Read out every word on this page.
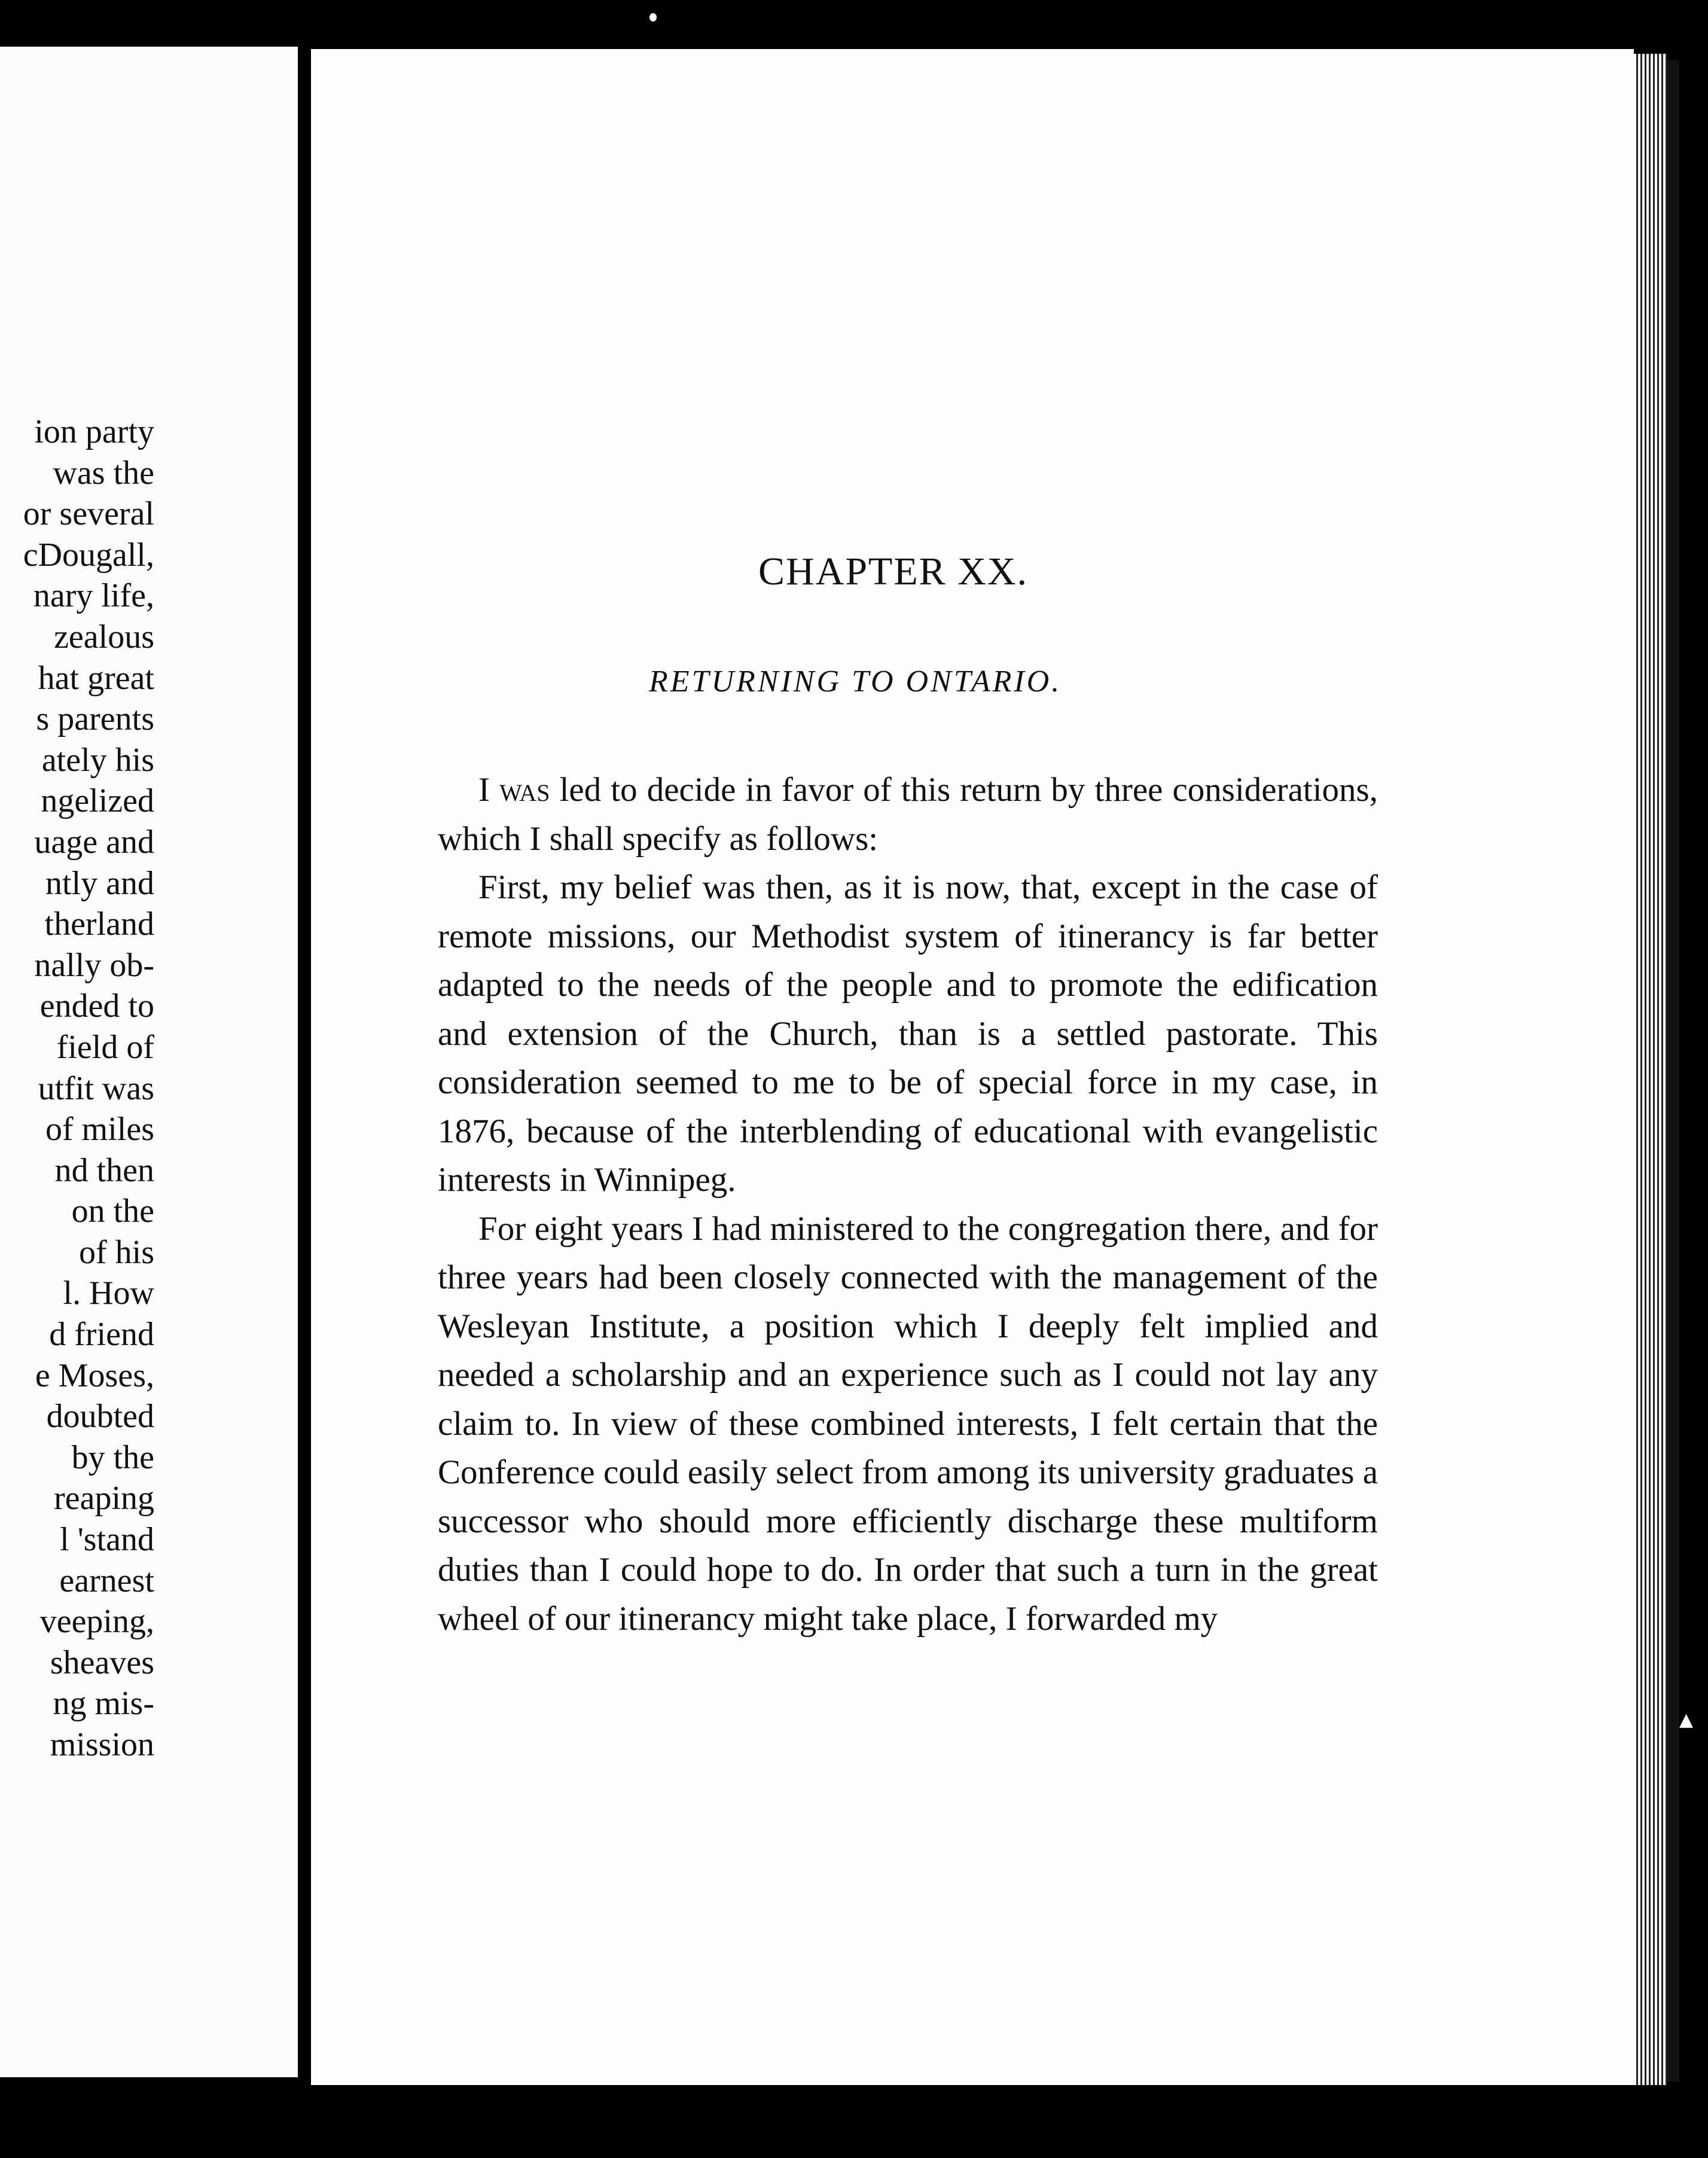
ion party
was the
or several
cDougall,
nary life,
zealous
hat great
s parents
ately his
ngelized
uage and
ntly and
therland
nally ob-
ended to
field of
utfit was
of miles
nd then
on the
of his
l. How
d friend
e Moses,
doubted
by the
reaping
l 'stand
earnest
veeping,
sheaves
ng mis-
mission
▲
CHAPTER XX.
RETURNING TO ONTARIO.

I was led to decide in favor of this return by three considerations, which I shall specify as follows:

First, my belief was then, as it is now, that, except in the case of remote missions, our Methodist system of itinerancy is far better adapted to the needs of the people and to promote the edification and extension of the Church, than is a settled pastorate. This consideration seemed to me to be of special force in my case, in 1876, because of the interblending of educational with evangelistic interests in Winnipeg.

For eight years I had ministered to the congregation there, and for three years had been closely connected with the management of the Wesleyan Institute, a position which I deeply felt implied and needed a scholarship and an experience such as I could not lay any claim to. In view of these combined interests, I felt certain that the Conference could easily select from among its university graduates a successor who should more efficiently discharge these multiform duties than I could hope to do. In order that such a turn in the great wheel of our itinerancy might take place, I forwarded my
